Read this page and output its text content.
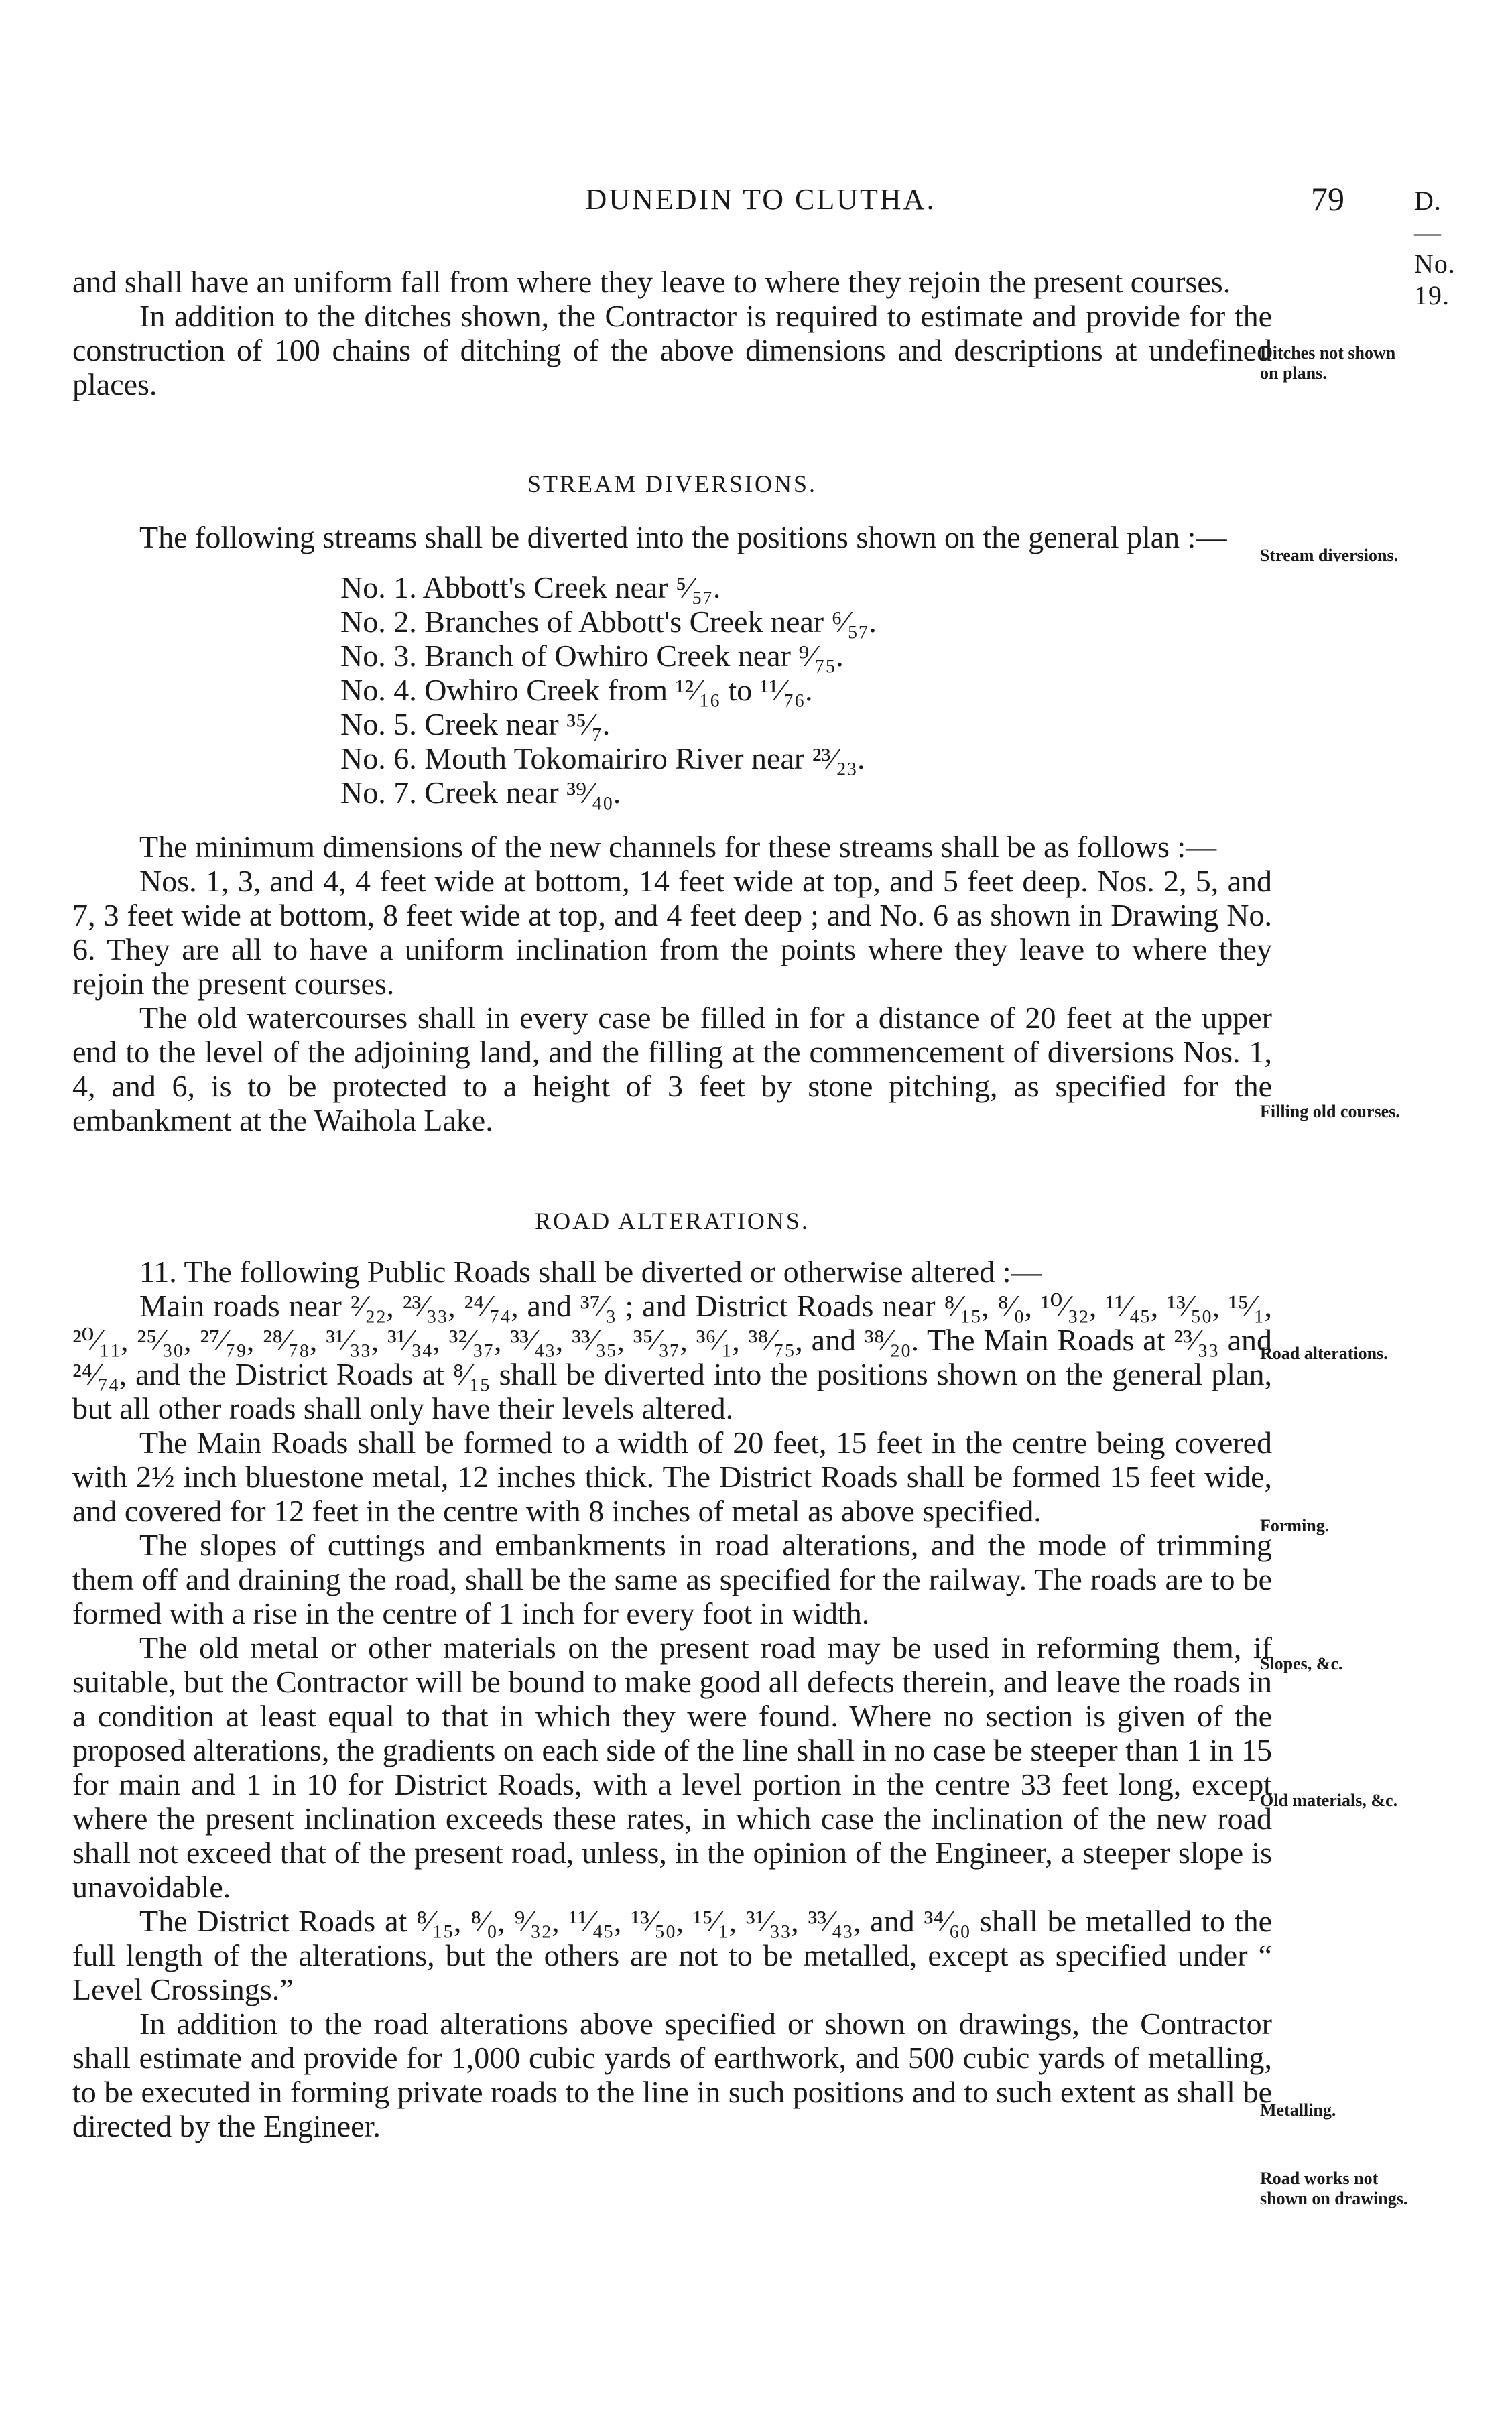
DUNEDIN TO CLUTHA.	79	D.—No. 19.
Ditches not shown
on plans.
Stream diversions.
Filling old courses.
Road alterations.
Forming.
Slopes, &c.
Old materials, &c.
Metalling.
Road works not
shown on drawings.

and shall have an uniform fall from where they leave to where they rejoin the present courses.

In addition to the ditches shown, the Contractor is required to estimate and provide for the construction of 100 chains of ditching of the above dimensions and descriptions at undefined places.

STREAM DIVERSIONS.

The following streams shall be diverted into the positions shown on the general plan :—

No. 1. Abbott's Creek near ⁵⁄₅₇.
No. 2. Branches of Abbott's Creek near ⁶⁄₅₇.
No. 3. Branch of Owhiro Creek near ⁹⁄₇₅.
No. 4. Owhiro Creek from ¹²⁄₁₆ to ¹¹⁄₇₆.
No. 5. Creek near ³⁵⁄₇.
No. 6. Mouth Tokomairiro River near ²³⁄₂₃.
No. 7. Creek near ³⁹⁄₄₀.

The minimum dimensions of the new channels for these streams shall be as follows :—

Nos. 1, 3, and 4, 4 feet wide at bottom, 14 feet wide at top, and 5 feet deep. Nos. 2, 5, and 7, 3 feet wide at bottom, 8 feet wide at top, and 4 feet deep ; and No. 6 as shown in Drawing No. 6. They are all to have a uniform inclination from the points where they leave to where they rejoin the present courses.

The old watercourses shall in every case be filled in for a distance of 20 feet at the upper end to the level of the adjoining land, and the filling at the commencement of diversions Nos. 1, 4, and 6, is to be protected to a height of 3 feet by stone pitching, as specified for the embankment at the Waihola Lake.

ROAD ALTERATIONS.

11. The following Public Roads shall be diverted or otherwise altered :—

Main roads near ²⁄₂₂, ²³⁄₃₃, ²⁴⁄₇₄, and ³⁷⁄₃ ; and District Roads near ⁸⁄₁₅, ⁸⁄₀, ¹⁰⁄₃₂, ¹¹⁄₄₅, ¹³⁄₅₀, ¹⁵⁄₁, ²⁰⁄₁₁, ²⁵⁄₃₀, ²⁷⁄₇₉, ²⁸⁄₇₈, ³¹⁄₃₃, ³¹⁄₃₄, ³²⁄₃₇, ³³⁄₄₃, ³³⁄₃₅, ³⁵⁄₃₇, ³⁶⁄₁, ³⁸⁄₇₅, and ³⁸⁄₂₀. The Main Roads at ²³⁄₃₃ and ²⁴⁄₇₄, and the District Roads at ⁸⁄₁₅ shall be diverted into the positions shown on the general plan, but all other roads shall only have their levels altered.

The Main Roads shall be formed to a width of 20 feet, 15 feet in the centre being covered with 2½ inch bluestone metal, 12 inches thick. The District Roads shall be formed 15 feet wide, and covered for 12 feet in the centre with 8 inches of metal as above specified.

The slopes of cuttings and embankments in road alterations, and the mode of trimming them off and draining the road, shall be the same as specified for the railway. The roads are to be formed with a rise in the centre of 1 inch for every foot in width.

The old metal or other materials on the present road may be used in reforming them, if suitable, but the Contractor will be bound to make good all defects therein, and leave the roads in a condition at least equal to that in which they were found. Where no section is given of the proposed alterations, the gradients on each side of the line shall in no case be steeper than 1 in 15 for main and 1 in 10 for District Roads, with a level portion in the centre 33 feet long, except where the present inclination exceeds these rates, in which case the inclination of the new road shall not exceed that of the present road, unless, in the opinion of the Engineer, a steeper slope is unavoidable.

The District Roads at ⁸⁄₁₅, ⁸⁄₀, ⁹⁄₃₂, ¹¹⁄₄₅, ¹³⁄₅₀, ¹⁵⁄₁, ³¹⁄₃₃, ³³⁄₄₃, and ³⁴⁄₆₀ shall be metalled to the full length of the alterations, but the others are not to be metalled, except as specified under “ Level Crossings.”

In addition to the road alterations above specified or shown on drawings, the Contractor shall estimate and provide for 1,000 cubic yards of earthwork, and 500 cubic yards of metalling, to be executed in forming private roads to the line in such positions and to such extent as shall be directed by the Engineer.
